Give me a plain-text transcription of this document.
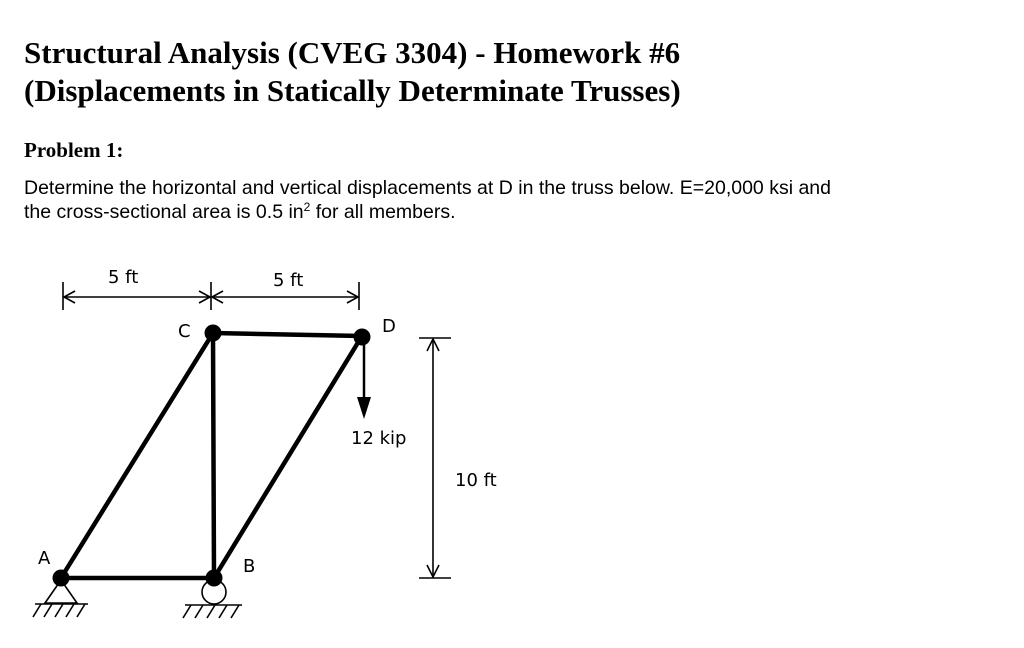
Structural Analysis (CVEG 3304) - Homework #6
(Displacements in Statically Determinate Trusses)
Problem 1:

Determine the horizontal and vertical displacements at D in the truss below. E=20,000 ksi and
the cross-sectional area is 0.5 $in^2$ for all members.

5 ft	5 ft
10 ft
12 kip
A	B
C	D
